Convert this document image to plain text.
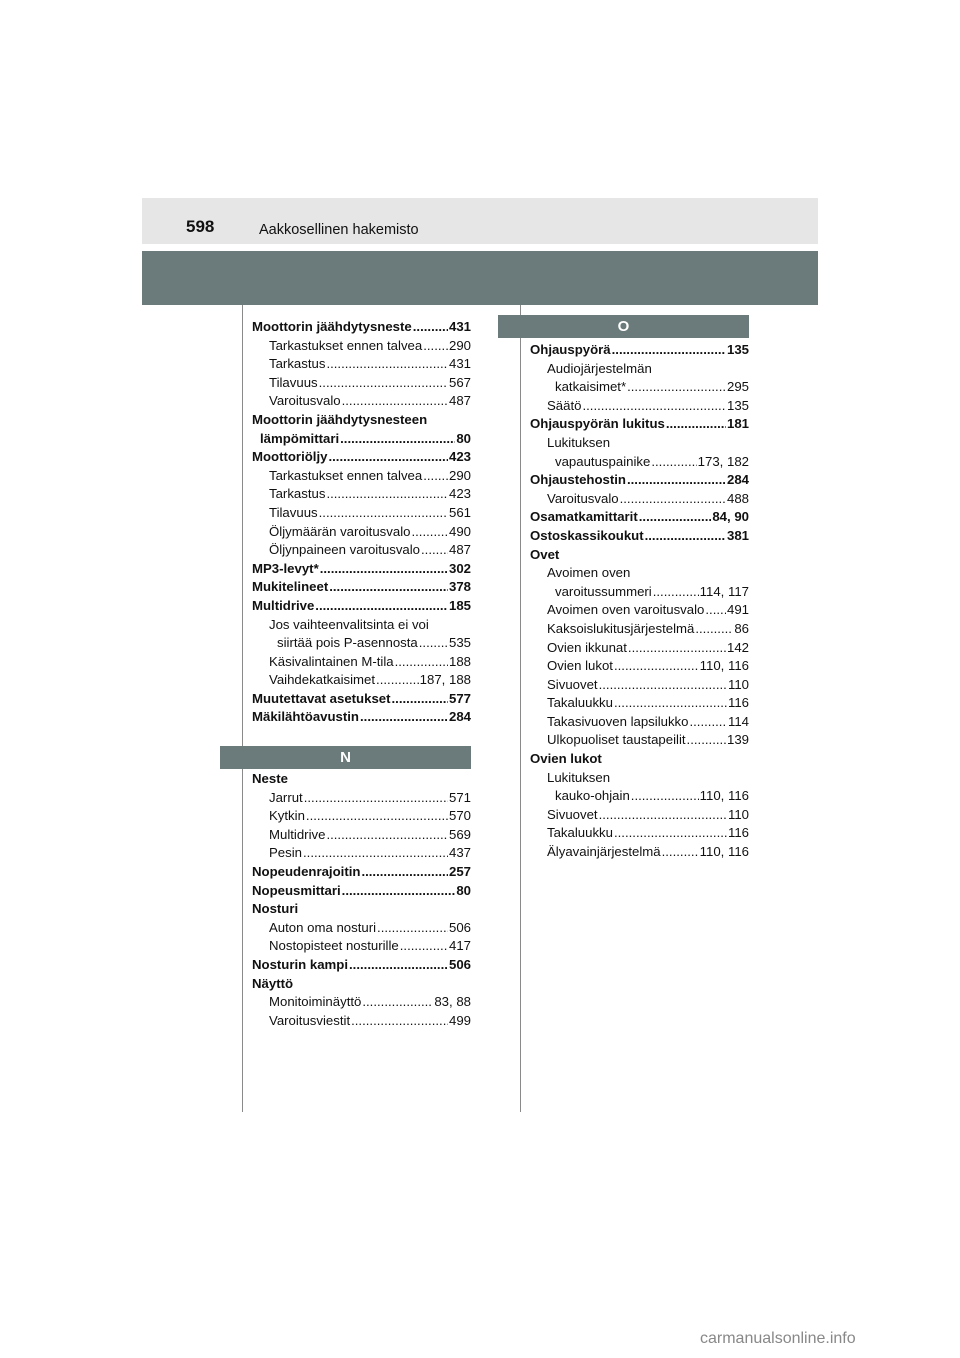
598	Aakkosellinen hakemisto
Moottorin jäähdytysneste .....	431
Tarkastukset ennen talvea ..... 290
Tarkastus .....	431
Tilavuus .....	567
Varoitusvalo .....	487
Moottorin jäähdytysnesteen
lämpömittari .....	80
Moottoriöljy .....	423
Tarkastukset ennen talvea ..... 290
Tarkastus .....	423
Tilavuus .....	561
Öljymäärän varoitusvalo .....	490
Öljynpaineen varoitusvalo ..... 487
MP3-levyt* .....	302
Mukitelineet .....	378
Multidrive .....	185
Jos vaihteenvalitsinta ei voi
siirtää pois P-asennosta ..... 535
Käsivalintainen M-tila .....	188
Vaihdekatkaisimet .....	187, 188
Muutettavat asetukset .....	577
Mäkilähtöavustin .....	284
N
Neste
Jarrut .....	571
Kytkin .....	570
Multidrive .....	569
Pesin .....	437
Nopeudenrajoitin .....	257
Nopeusmittari .....	80
Nosturi
Auton oma nosturi .....	506
Nostopisteet nosturille .....	417
Nosturin kampi .....	506
Näyttö
Monitoiminäyttö .....	83, 88
Varoitusviestit .....	499
O
Ohjauspyörä .....	135
Audiojärjestelmän
katkaisimet* .....	295
Säätö .....	135
Ohjauspyörän lukitus .....	181
Lukituksen
vapautuspainike .....	173, 182
Ohjaustehostin .....	284
Varoitusvalo .....	488
Osamatkamittarit .....	84, 90
Ostoskassikoukut .....	381
Ovet
Avoimen oven
varoitussummeri .....	114, 117
Avoimen oven varoitusvalo ..... 491
Kaksoislukitusjärjestelmä .....	86
Ovien ikkunat .....	142
Ovien lukot .....	110, 116
Sivuovet .....	110
Takaluukku .....	116
Takasivuoven lapsilukko .....	114
Ulkopuoliset taustapeilit .....	139
Ovien lukot
Lukituksen
kauko-ohjain .....	110, 116
Sivuovet .....	110
Takaluukku .....	116
Älyavainjärjestelmä .....	110, 116
carmanualsonline.info
